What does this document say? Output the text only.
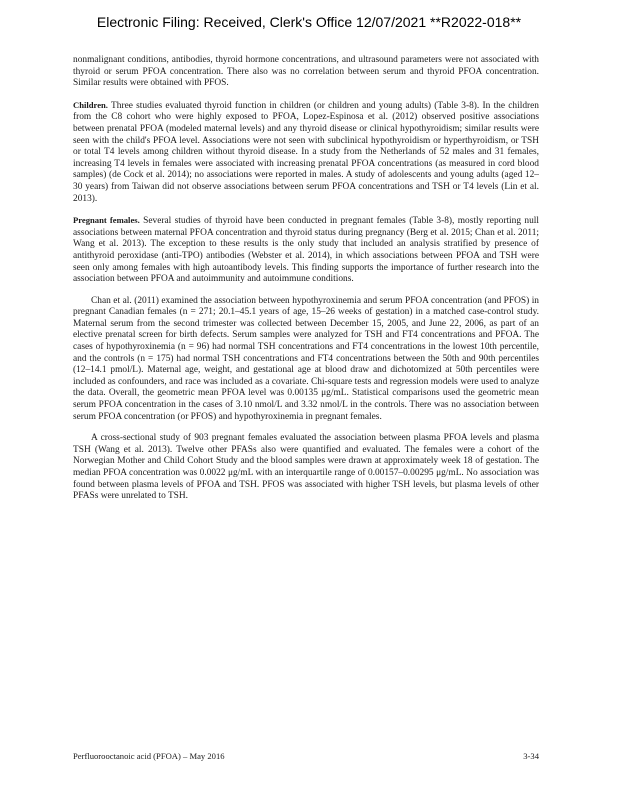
Electronic Filing: Received, Clerk's Office 12/07/2021 **R2022-018**

nonmalignant conditions, antibodies, thyroid hormone concentrations, and ultrasound parameters were not associated with thyroid or serum PFOA concentration. There also was no correlation between serum and thyroid PFOA concentration. Similar results were obtained with PFOS.

Children. Three studies evaluated thyroid function in children (or children and young adults) (Table 3-8). In the children from the C8 cohort who were highly exposed to PFOA, Lopez-Espinosa et al. (2012) observed positive associations between prenatal PFOA (modeled maternal levels) and any thyroid disease or clinical hypothyroidism; similar results were seen with the child's PFOA level. Associations were not seen with subclinical hypothyroidism or hyperthyroidism, or TSH or total T4 levels among children without thyroid disease. In a study from the Netherlands of 52 males and 31 females, increasing T4 levels in females were associated with increasing prenatal PFOA concentrations (as measured in cord blood samples) (de Cock et al. 2014); no associations were reported in males. A study of adolescents and young adults (aged 12–30 years) from Taiwan did not observe associations between serum PFOA concentrations and TSH or T4 levels (Lin et al. 2013).

Pregnant females. Several studies of thyroid have been conducted in pregnant females (Table 3-8), mostly reporting null associations between maternal PFOA concentration and thyroid status during pregnancy (Berg et al. 2015; Chan et al. 2011; Wang et al. 2013). The exception to these results is the only study that included an analysis stratified by presence of antithyroid peroxidase (anti-TPO) antibodies (Webster et al. 2014), in which associations between PFOA and TSH were seen only among females with high autoantibody levels. This finding supports the importance of further research into the association between PFOA and autoimmunity and autoimmune conditions.

Chan et al. (2011) examined the association between hypothyroxinemia and serum PFOA concentration (and PFOS) in pregnant Canadian females (n = 271; 20.1–45.1 years of age, 15–26 weeks of gestation) in a matched case-control study. Maternal serum from the second trimester was collected between December 15, 2005, and June 22, 2006, as part of an elective prenatal screen for birth defects. Serum samples were analyzed for TSH and FT4 concentrations and PFOA. The cases of hypothyroxinemia (n = 96) had normal TSH concentrations and FT4 concentrations in the lowest 10th percentile, and the controls (n = 175) had normal TSH concentrations and FT4 concentrations between the 50th and 90th percentiles (12–14.1 pmol/L). Maternal age, weight, and gestational age at blood draw and dichotomized at 50th percentiles were included as confounders, and race was included as a covariate. Chi-square tests and regression models were used to analyze the data. Overall, the geometric mean PFOA level was 0.00135 μg/mL. Statistical comparisons used the geometric mean serum PFOA concentration in the cases of 3.10 nmol/L and 3.32 nmol/L in the controls. There was no association between serum PFOA concentration (or PFOS) and hypothyroxinemia in pregnant females.

A cross-sectional study of 903 pregnant females evaluated the association between plasma PFOA levels and plasma TSH (Wang et al. 2013). Twelve other PFASs also were quantified and evaluated. The females were a cohort of the Norwegian Mother and Child Cohort Study and the blood samples were drawn at approximately week 18 of gestation. The median PFOA concentration was 0.0022 μg/mL with an interquartile range of 0.00157–0.00295 μg/mL. No association was found between plasma levels of PFOA and TSH. PFOS was associated with higher TSH levels, but plasma levels of other PFASs were unrelated to TSH.

Perfluorooctanoic acid (PFOA) – May 2016	3-34
